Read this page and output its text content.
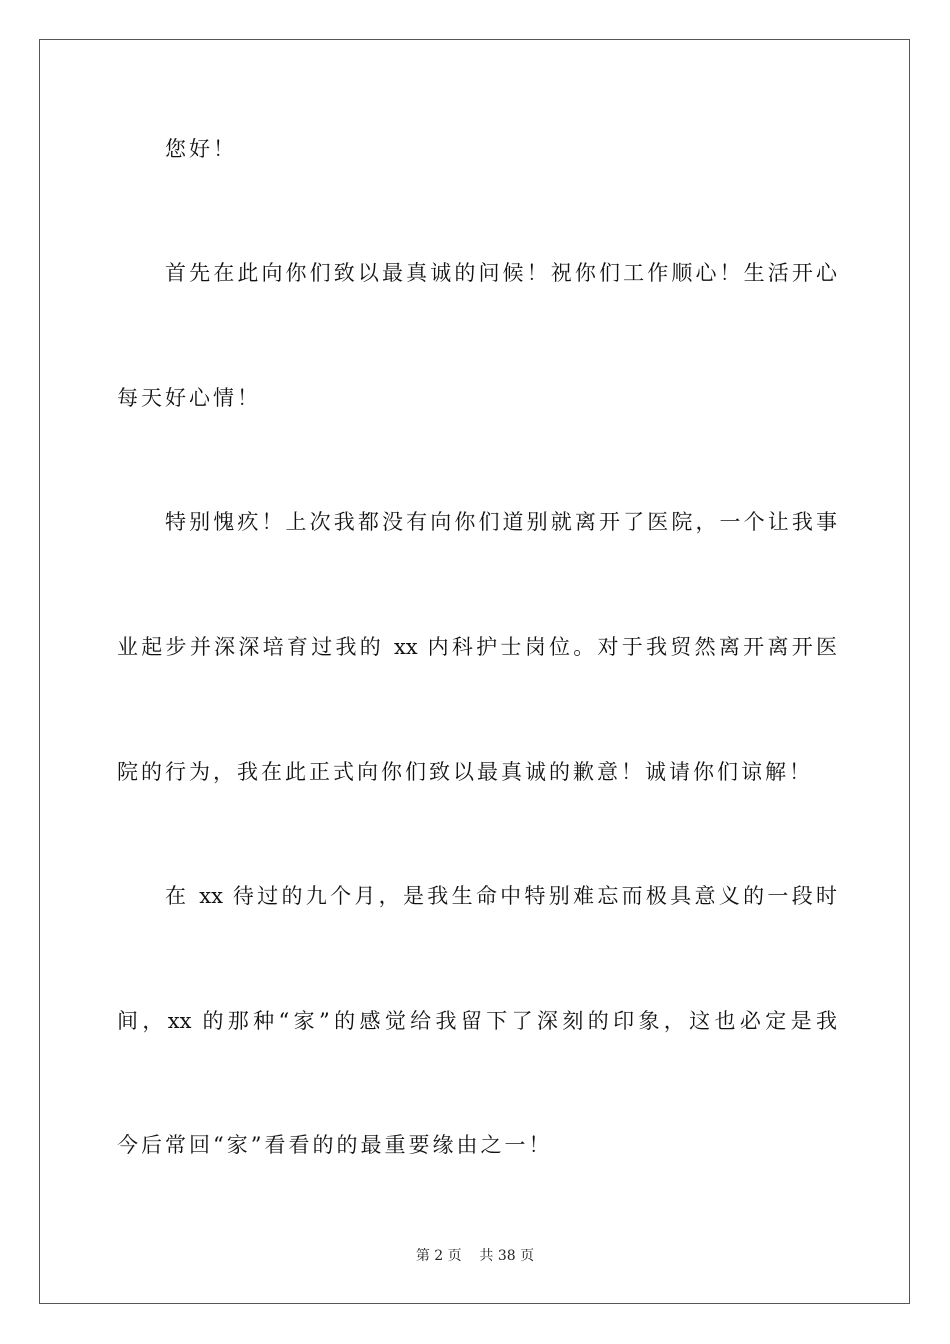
您好！
首先在此向你们致以最真诚的问候！祝你们工作顺心！生活开心
每天好心情！
特别愧疚！上次我都没有向你们道别就离开了医院，一个让我事
业起步并深深培育过我的 xx 内科护士岗位。对于我贸然离开离开医
院的行为，我在此正式向你们致以最真诚的歉意！诚请你们谅解！
在 xx 待过的九个月，是我生命中特别难忘而极具意义的一段时
间，xx 的那种“家”的感觉给我留下了深刻的印象，这也必定是我
今后常回“家”看看的的最重要缘由之一！
第 2 页    共 38 页
